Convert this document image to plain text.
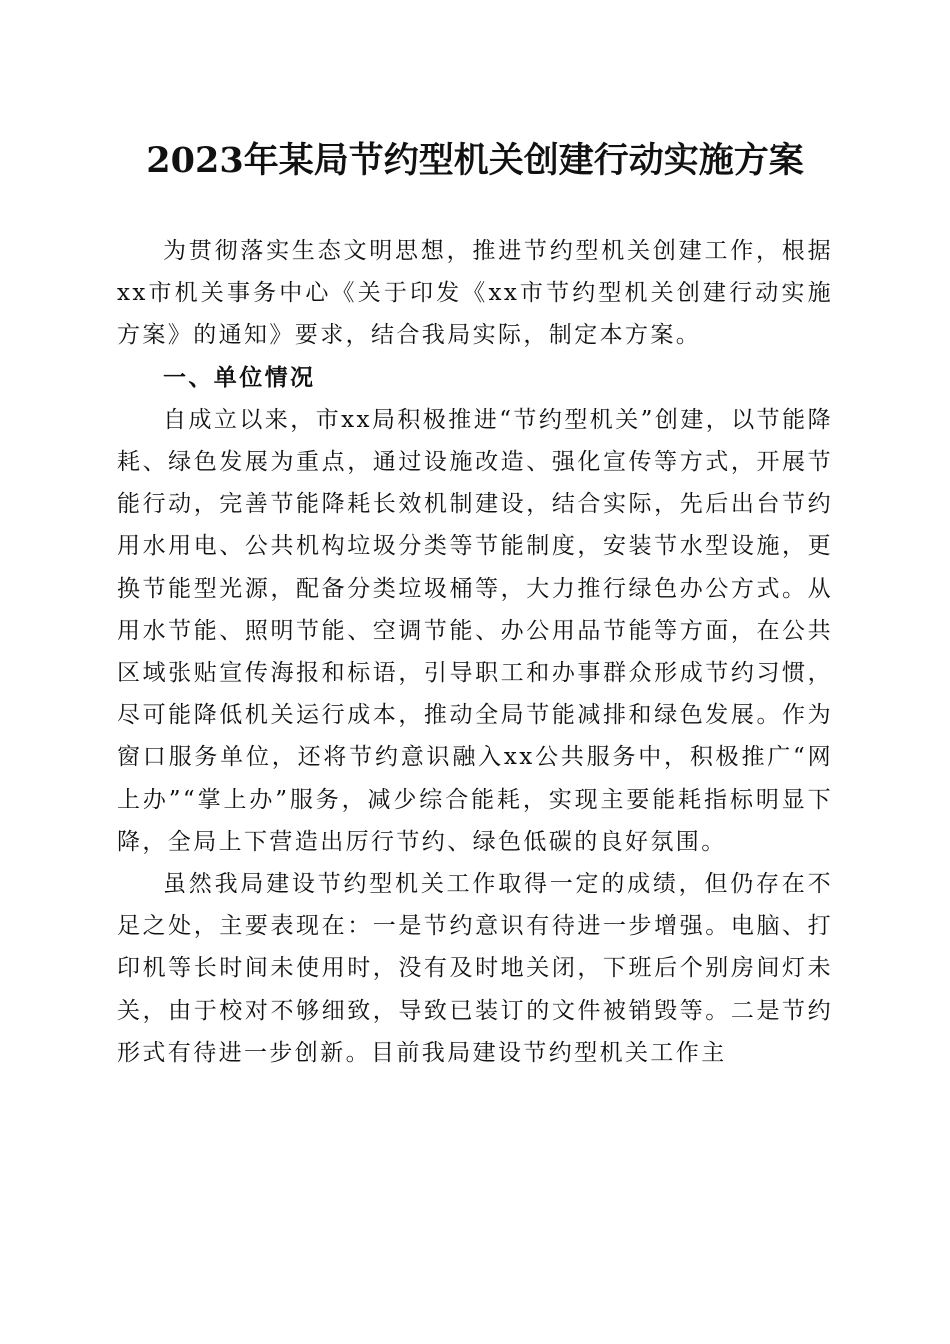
2023年某局节约型机关创建行动实施方案

为贯彻落实生态文明思想，推进节约型机关创建工作，根据xx市机关事务中心《关于印发《xx市节约型机关创建行动实施方案》的通知》要求，结合我局实际，制定本方案。

一、单位情况

自成立以来，市xx局积极推进“节约型机关”创建，以节能降耗、绿色发展为重点，通过设施改造、强化宣传等方式，开展节能行动，完善节能降耗长效机制建设，结合实际，先后出台节约用水用电、公共机构垃圾分类等节能制度，安装节水型设施，更换节能型光源，配备分类垃圾桶等，大力推行绿色办公方式。从用水节能、照明节能、空调节能、办公用品节能等方面，在公共区域张贴宣传海报和标语，引导职工和办事群众形成节约习惯，尽可能降低机关运行成本，推动全局节能减排和绿色发展。作为窗口服务单位，还将节约意识融入xx公共服务中，积极推广“网上办”“掌上办”服务，减少综合能耗，实现主要能耗指标明显下降，全局上下营造出厉行节约、绿色低碳的良好氛围。

虽然我局建设节约型机关工作取得一定的成绩，但仍存在不足之处，主要表现在：一是节约意识有待进一步增强。电脑、打印机等长时间未使用时，没有及时地关闭，下班后个别房间灯未关，由于校对不够细致，导致已装订的文件被销毁等。二是节约形式有待进一步创新。目前我局建设节约型机关工作主
